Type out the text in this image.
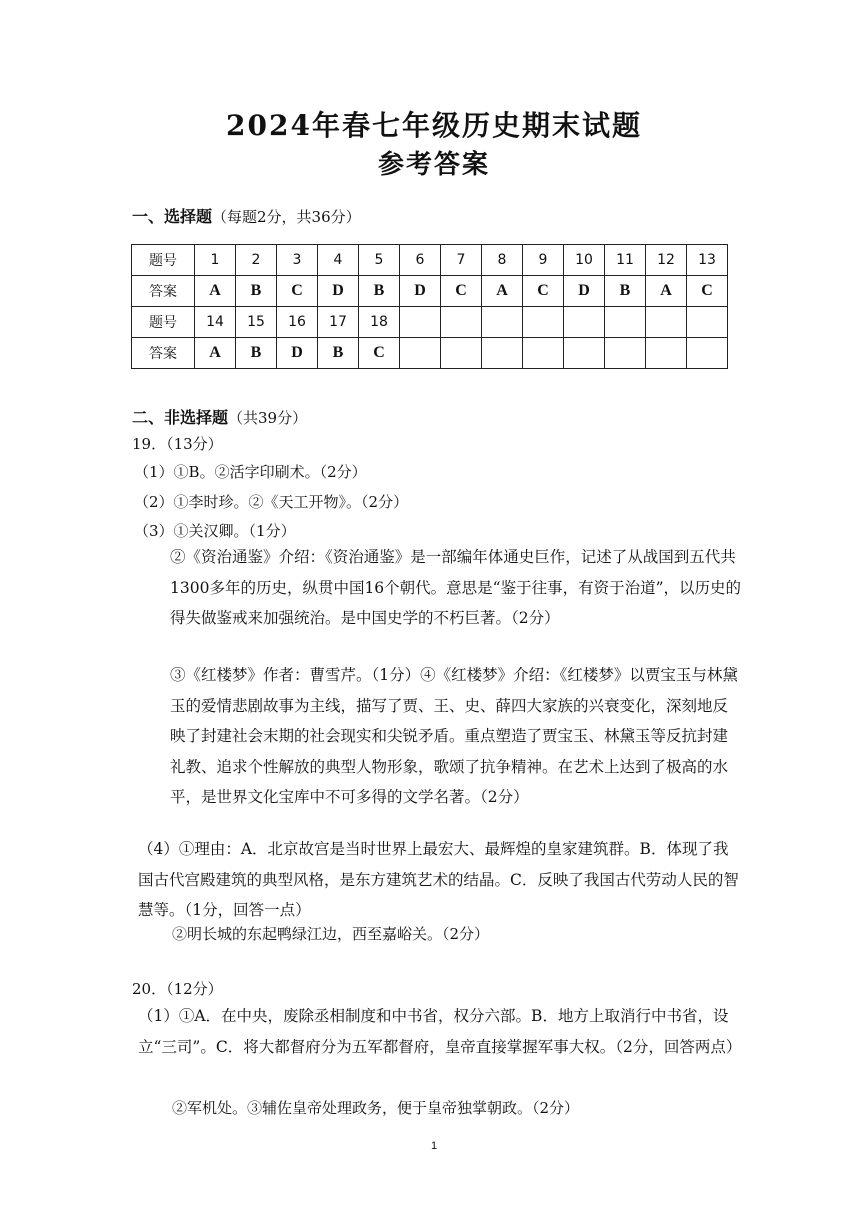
2024年春七年级历史期末试题
参考答案
一、选择题（每题2分，共36分）
题号	1	2	3	4	5	6	7	8	9	10	11	12	13
答案	A	B	C	D	B	D	C	A	C	D	B	A	C
题号	14	15	16	17	18								
答案	A	B	D	B	C								
二、非选择题（共39分）
19．（13分）
（1）①B。②活字印刷术。（2分）
（2）①李时珍。②《天工开物》。（2分）
（3）①关汉卿。（1分）
②《资治通鉴》介绍：《资治通鉴》是一部编年体通史巨作，记述了从战国到五代共1300多年的历史，纵贯中国16个朝代。意思是“鉴于往事，有资于治道”，以历史的得失做鉴戒来加强统治。是中国史学的不朽巨著。（2分）
③《红楼梦》作者：曹雪芹。（1分）④《红楼梦》介绍：《红楼梦》以贾宝玉与林黛玉的爱情悲剧故事为主线，描写了贾、王、史、薛四大家族的兴衰变化，深刻地反映了封建社会末期的社会现实和尖锐矛盾。重点塑造了贾宝玉、林黛玉等反抗封建礼教、追求个性解放的典型人物形象，歌颂了抗争精神。在艺术上达到了极高的水平，是世界文化宝库中不可多得的文学名著。（2分）
（4）①理由：A．北京故宫是当时世界上最宏大、最辉煌的皇家建筑群。B．体现了我国古代宫殿建筑的典型风格，是东方建筑艺术的结晶。C．反映了我国古代劳动人民的智慧等。（1分，回答一点）
②明长城的东起鸭绿江边，西至嘉峪关。（2分）
20．（12分）
（1）①A．在中央，废除丞相制度和中书省，权分六部。B．地方上取消行中书省，设立“三司”。C．将大都督府分为五军都督府，皇帝直接掌握军事大权。（2分，回答两点）
②军机处。③辅佐皇帝处理政务，便于皇帝独掌朝政。（2分）
1
